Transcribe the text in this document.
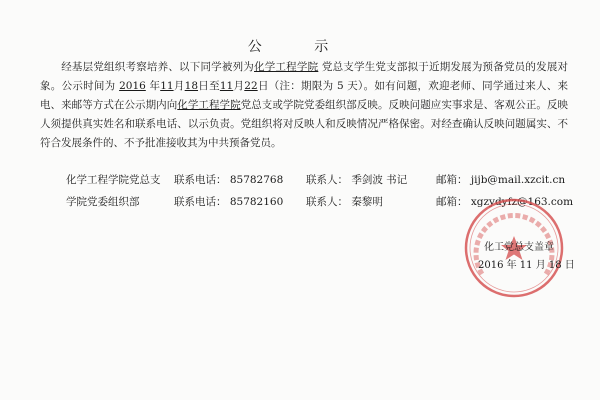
公 示

经基层党组织考察培养、以下同学被列为化学工程学院 党总支学生党支部拟于近期发展为预备党员的发展对象。公示时间为 2016 年11月18日至11月22日（注：期限为 5 天）。如有问题，欢迎老师、同学通过来人、来电、来邮等方式在公示期内向化学工程学院党总支或学院党委组织部反映。反映问题应实事求是、客观公正。反映人须提供真实姓名和联系电话、以示负责。党组织将对反映人和反映情况严格保密。对经查确认反映问题属实、不符合发展条件的、不予批准接收其为中共预备党员。

化学工程学院党总支 联系电话： 85782768 联系人： 季剑波 书记	邮箱： jijb@mail.xzcit.cn
学院党委组织部	联系电话： 85782160 联系人： 秦黎明	邮箱： xgzydyfz@163.com
化工党总支盖章
2016 年 11 月 18 日
